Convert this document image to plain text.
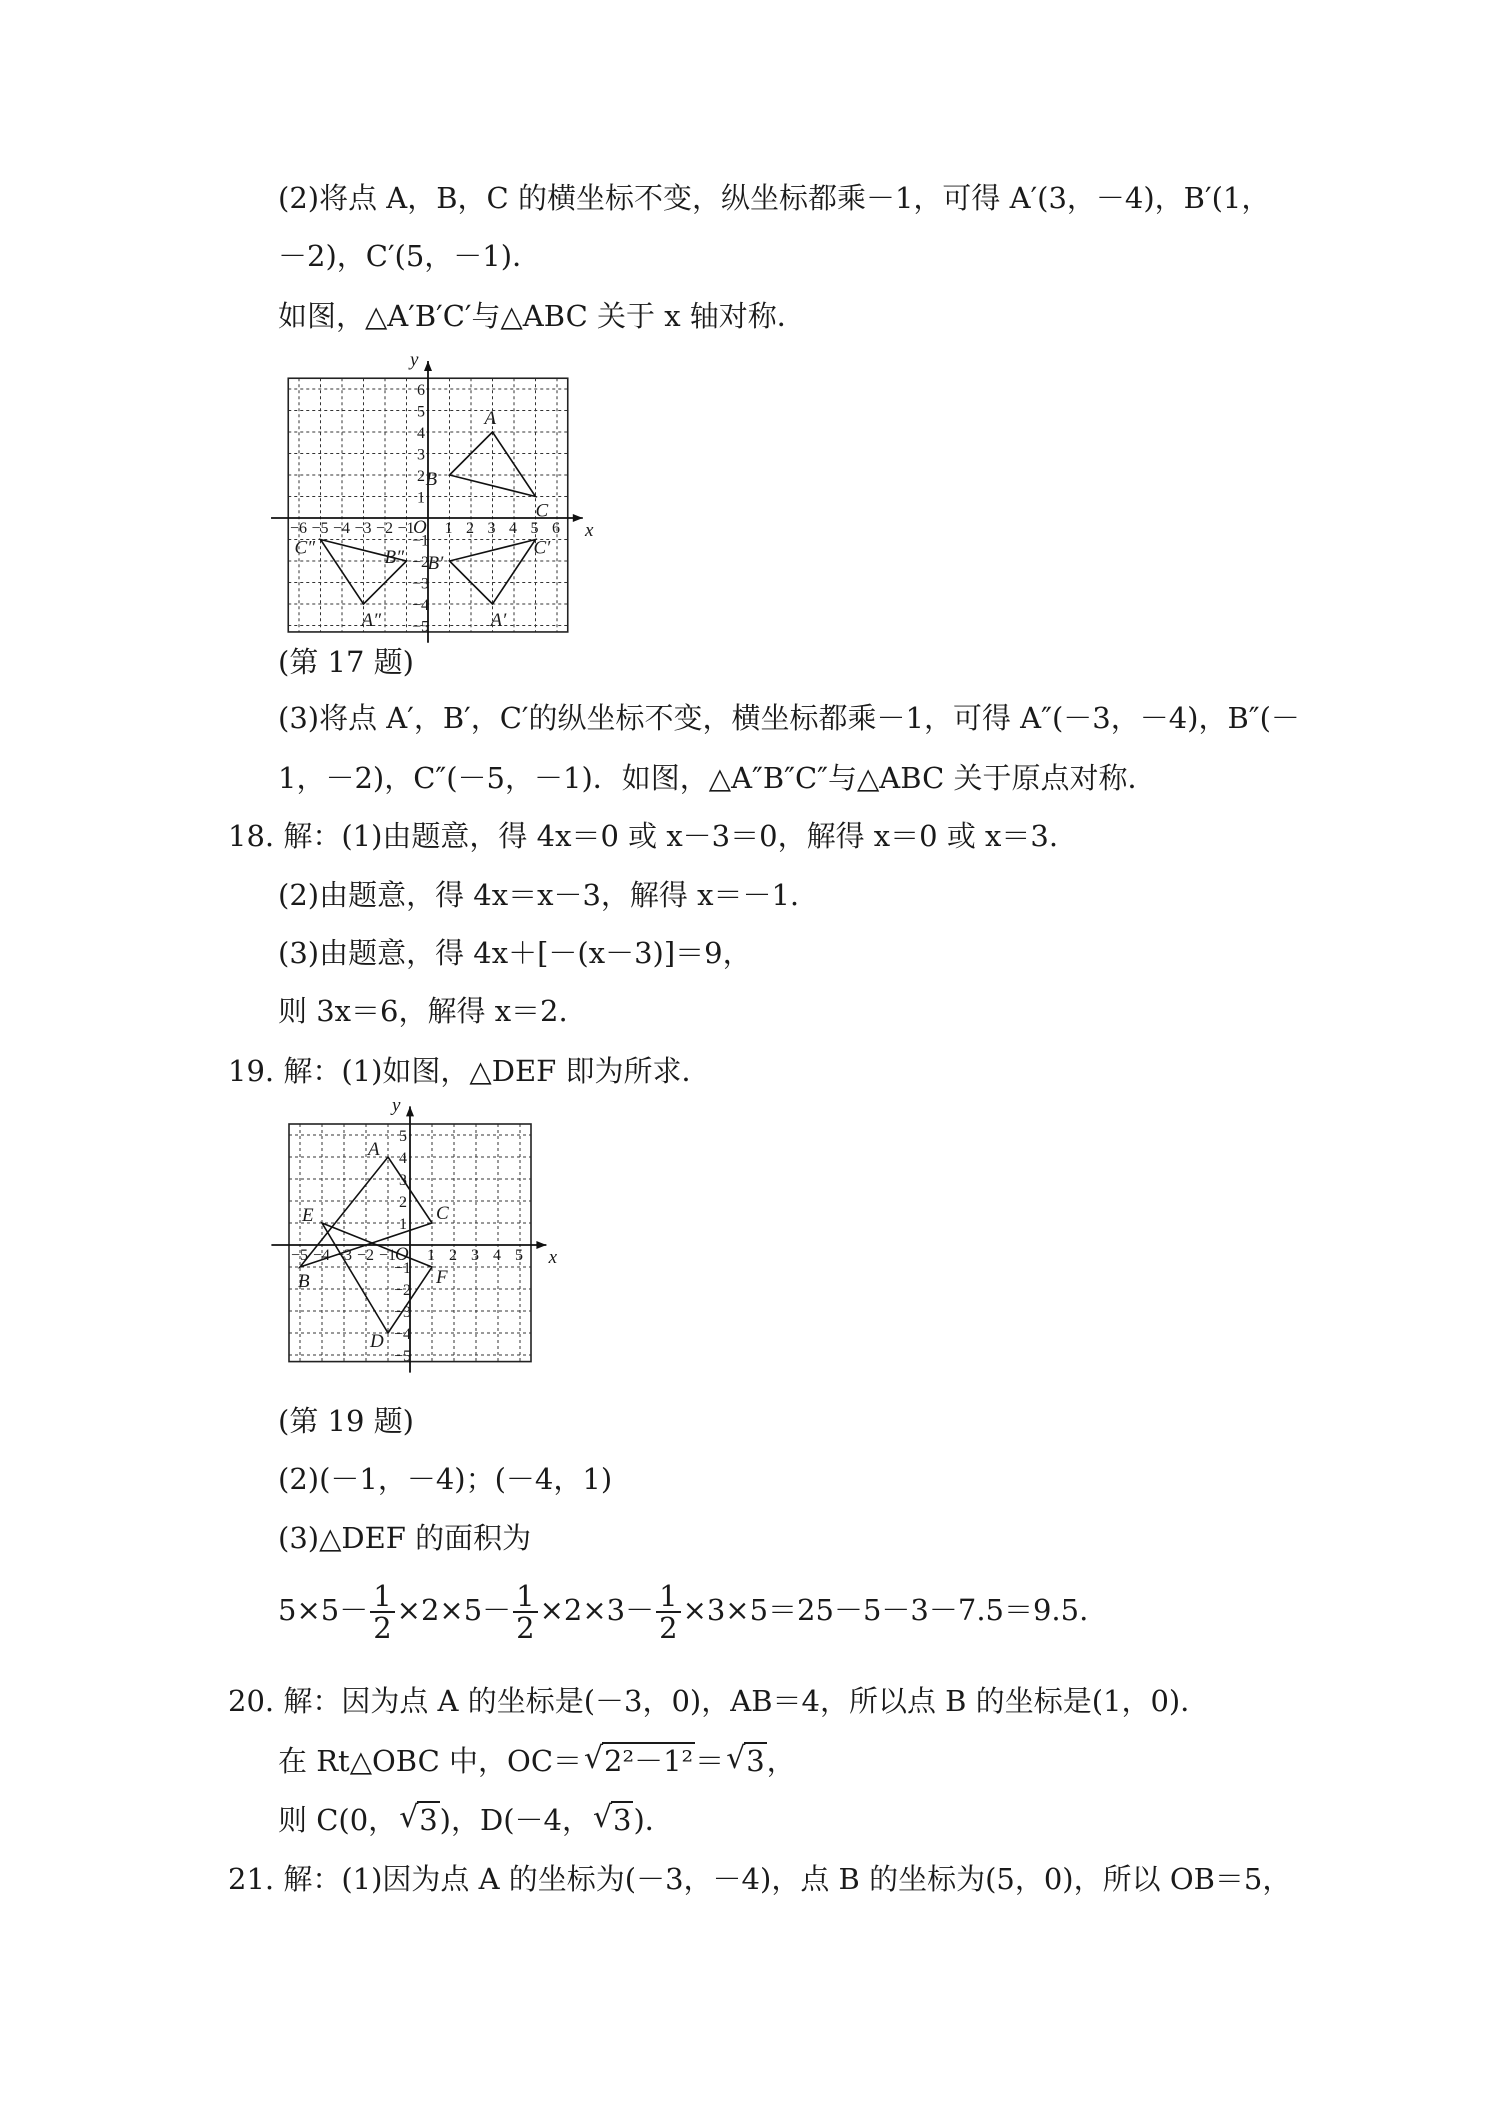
(2)将点 A，B，C 的横坐标不变，纵坐标都乘－1，可得 A′(3，－4)，B′(1，
－2)，C′(5，－1)．
如图，△A′B′C′与△ABC 关于 x 轴对称．
x
y
O
−6 −5 −4 −3 −2 −1 1 2 3 4 5 6
−5
−4
−3
−2
−1
1
2
3
4
5
6
A
B
C
A′
B′
C′
A″
B″
C″
(第 17 题)
(3)将点 A′，B′，C′的纵坐标不变，横坐标都乘－1，可得 A″(－3，－4)，B″(－
1，－2)，C″(－5，－1)．如图，△A″B″C″与△ABC 关于原点对称．
18. 解：(1)由题意，得 4x＝0 或 x－3＝0，解得 x＝0 或 x＝3.
(2)由题意，得 4x＝x－3，解得 x＝－1.
(3)由题意，得 4x＋[－(x－3)]＝9，
则 3x＝6，解得 x＝2.
19. 解：(1)如图，△DEF 即为所求．
x
y
O
−5 −4 −3 −2 −1 1 2 3 4 5
−5
−4
−3
−2
−1
1
2
3
4
5
A
B
C
D
E
F
(第 19 题)
(2)(－1，－4)；(－4，1)
(3)△DEF 的面积为
$5\times 5- \frac{1}{2} \times 2\times 5- \frac{1}{2} \times 2\times 3- \frac{1}{2} \times 3\times 5=25-5-3-7.5=9.5$.
20. 解：因为点 A 的坐标是(－3，0)，AB＝4，所以点 B 的坐标是(1，0)．
在 Rt△OBC 中，OC＝ √ 2²－1²＝ √ 3，
则 C(0， √ 3)，D(－4， √ 3)．
21. 解：(1)因为点 A 的坐标为(－3，－4)，点 B 的坐标为(5，0)，所以 OB＝5，
